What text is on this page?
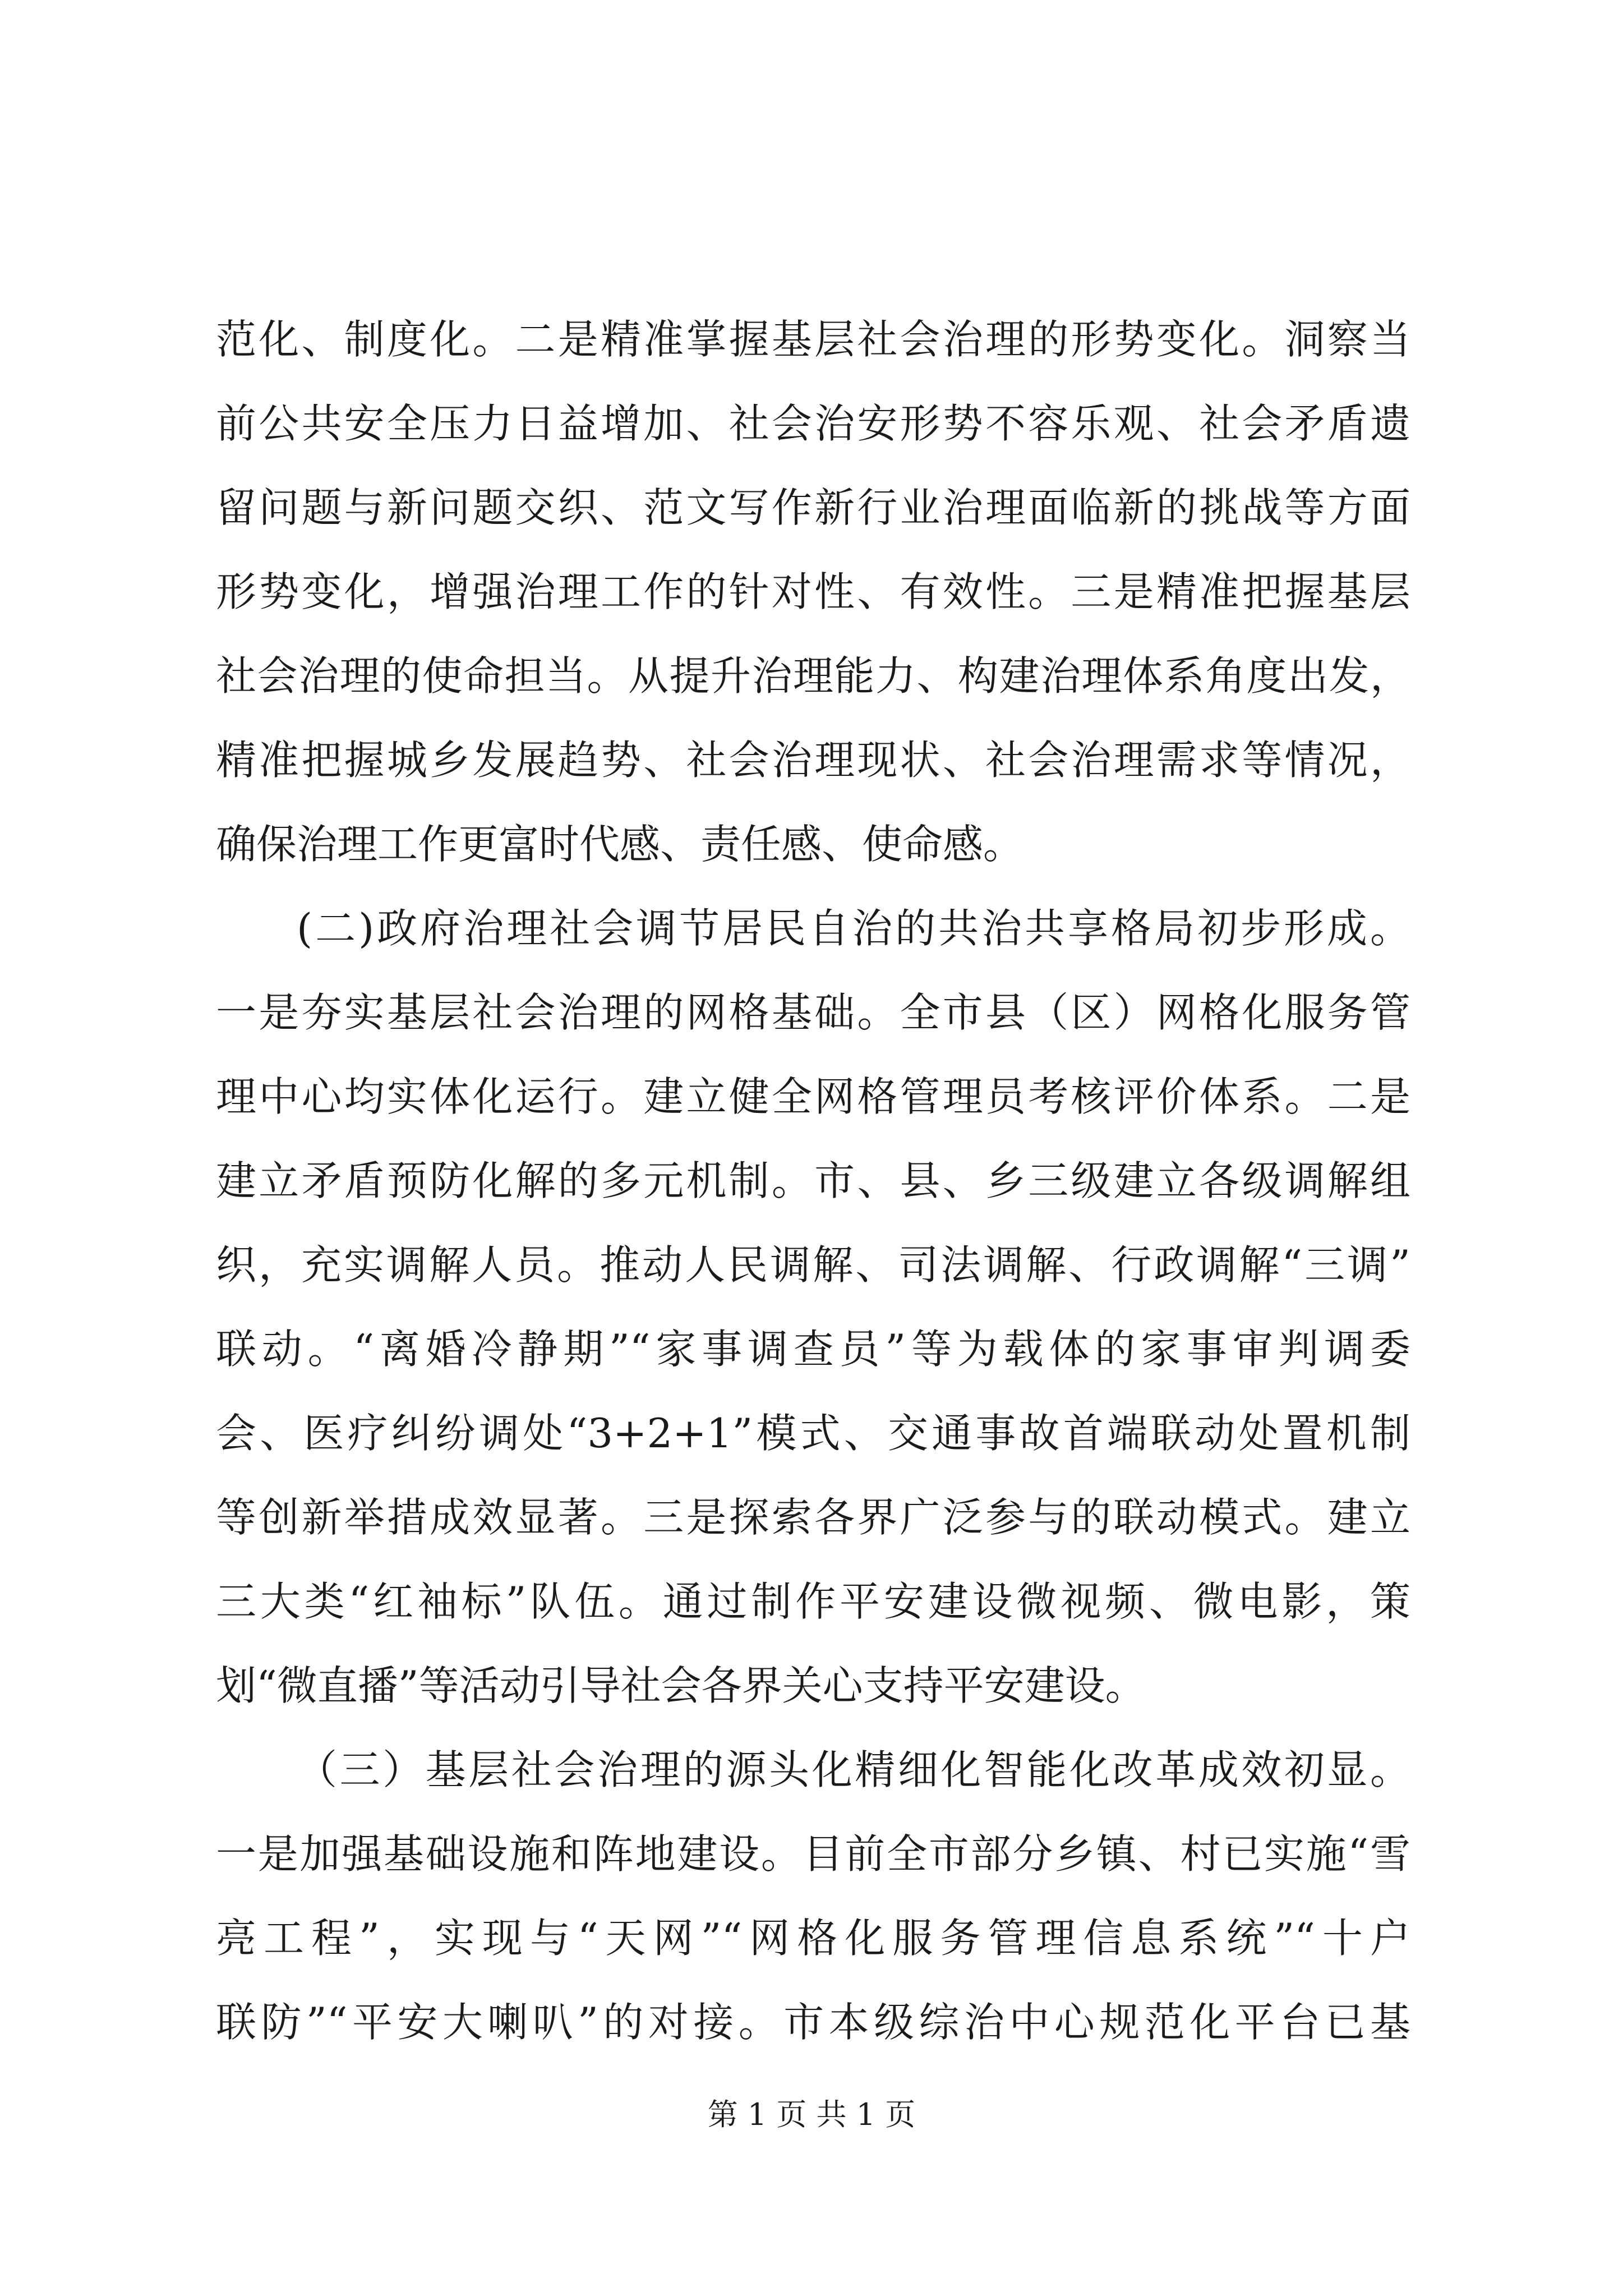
范化、制度化。二是精准掌握基层社会治理的形势变化。洞察当
前公共安全压力日益增加、社会治安形势不容乐观、社会矛盾遗
留问题与新问题交织、范文写作新行业治理面临新的挑战等方面
形势变化，增强治理工作的针对性、有效性。三是精准把握基层
社会治理的使命担当。从提升治理能力、构建治理体系角度出发，
精准把握城乡发展趋势、社会治理现状、社会治理需求等情况，
确保治理工作更富时代感、责任感、使命感。
(二)政府治理社会调节居民自治的共治共享格局初步形成。
一是夯实基层社会治理的网格基础。全市县（区）网格化服务管
理中心均实体化运行。建立健全网格管理员考核评价体系。二是
建立矛盾预防化解的多元机制。市、县、乡三级建立各级调解组
织，充实调解人员。推动人民调解、司法调解、行政调解“三调”
联动。“离婚冷静期”“家事调查员”等为载体的家事审判调委
会、医疗纠纷调处“3+2+1”模式、交通事故首端联动处置机制
等创新举措成效显著。三是探索各界广泛参与的联动模式。建立
三大类“红袖标”队伍。通过制作平安建设微视频、微电影，策
划“微直播”等活动引导社会各界关心支持平安建设。
（三）基层社会治理的源头化精细化智能化改革成效初显。
一是加强基础设施和阵地建设。目前全市部分乡镇、村已实施“雪
亮工程”，实现与“天网”“网格化服务管理信息系统”“十户
联防”“平安大喇叭”的对接。市本级综治中心规范化平台已基
第 1 页 共 1 页
